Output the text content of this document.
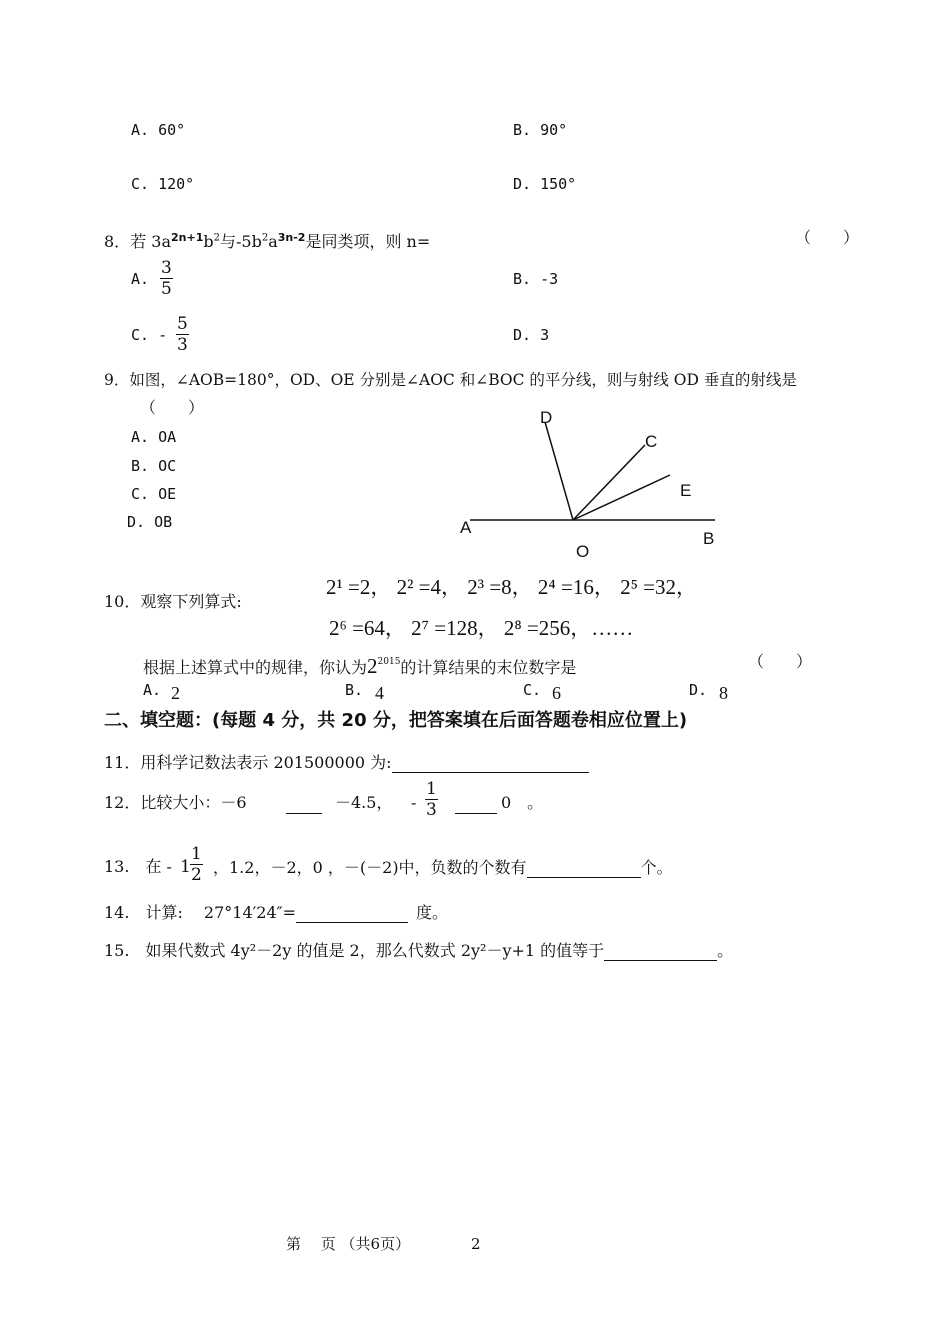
A. 60°	B. 90°
C. 120°	D. 150°
8．若 $3a^{2n+1}b^2$与$-5b^2a^{3n-2}$是同类项，则 n=	（　　）
A. $\frac{3}{5}$	B. -3
C. - $\frac{5}{3}$	D. 3
9．如图，∠AOB=180°，OD、OE 分别是∠AOC 和∠BOC 的平分线，则与射线 OD 垂直的射线是
（　　）
A. OA
B. OC
C. OE
D. OB
D
C
E
A
O
B
10．观察下列算式:
2¹ =2， 2² =4， 2³ =8， 2⁴ =16， 2⁵ =32，
2⁶ =64， 2⁷ =128， 2⁸ =256，……
根据上述算式中的规律，你认为$2^{2015}$的计算结果的末位数字是	（　　）
A. 2	B. 4	C. 6	D. 8
二、填空题：(每题 4 分，共 20 分，把答案填在后面答题卷相应位置上)
11．用科学记数法表示 201500000 为:
12．比较大小：－6
	－4.5， - $\frac{1}{3}$
	0　。
13.　在 - $1 \frac{1}{2}$ ，1.2，－2，0 ，－(－2)中，负数的个数有	个。
14.　计算:　 27°14′24″=	度。
15.　如果代数式 4y²－2y 的值是 2，那么代数式 2y²－y+1 的值等于	。
第　 页 （共6页）	2
